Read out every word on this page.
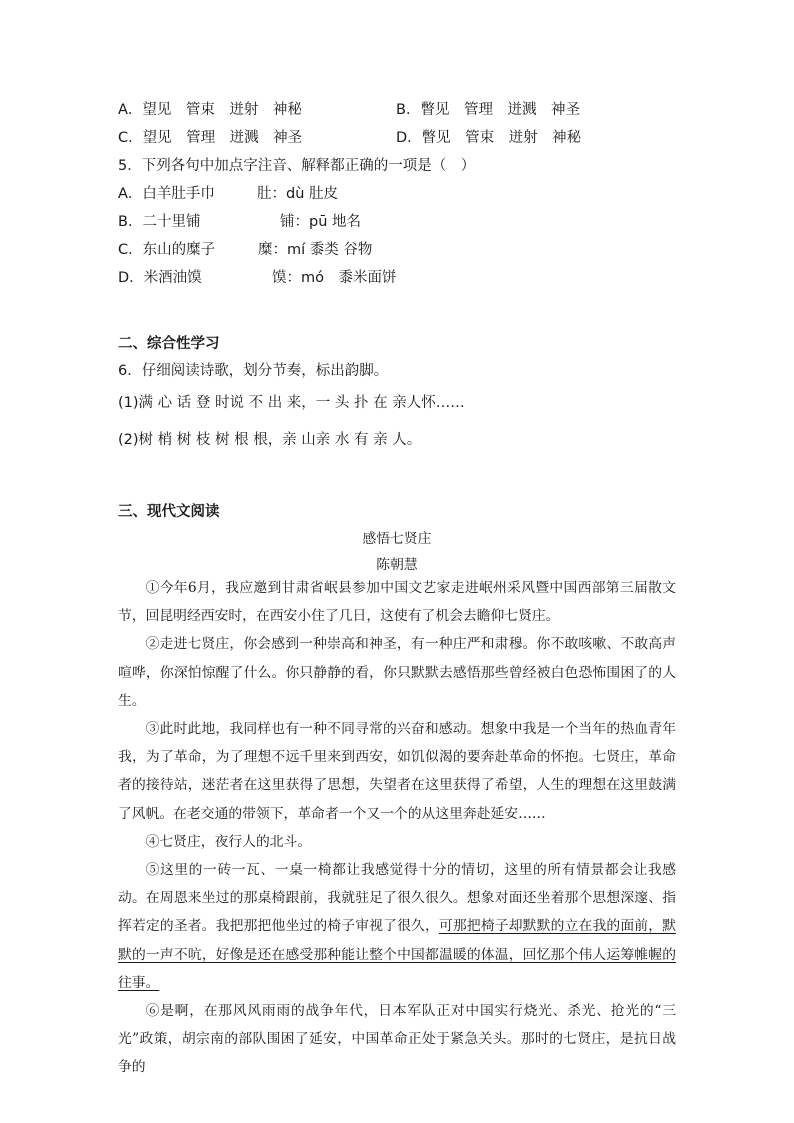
A．望见　管束　迸射　神秘	B．瞥见　管理　迸溅　神圣
C．望见　管理　迸溅　神圣	D．瞥见　管束　迸射　神秘
5．下列各句中加点字注音、解释都正确的一项是（　）
A．白羊肚手巾	肚：dù 肚皮
B．二十里铺	铺：pū 地名
C．东山的糜子	糜：mí 黍类 谷物
D．米酒油馍	馍：mó　黍米面饼
二、综合性学习
6．仔细阅读诗歌，划分节奏，标出韵脚。
(1)满 心 话 登 时说 不 出 来，一 头 扑 在 亲人怀……
(2)树 梢 树 枝 树 根 根，亲 山亲 水 有 亲 人。
三、现代文阅读
感悟七贤庄
陈朝慧

①今年6月，我应邀到甘肃省岷县参加中国文艺家走进岷州采风暨中国西部第三届散文节，回昆明经西安时，在西安小住了几日，这使有了机会去瞻仰七贤庄。

②走进七贤庄，你会感到一种崇高和神圣，有一种庄严和肃穆。你不敢咳嗽、不敢高声喧哗，你深怕惊醒了什么。你只静静的看，你只默默去感悟那些曾经被白色恐怖围困了的人生。

③此时此地，我同样也有一种不同寻常的兴奋和感动。想象中我是一个当年的热血青年我，为了革命，为了理想不远千里来到西安，如饥似渴的要奔赴革命的怀抱。七贤庄，革命者的接待站，迷茫者在这里获得了思想，失望者在这里获得了希望，人生的理想在这里鼓满了风帆。在老交通的带领下，革命者一个又一个的从这里奔赴延安……

④七贤庄，夜行人的北斗。

⑤这里的一砖一瓦、一桌一椅都让我感觉得十分的情切，这里的所有情景都会让我感动。在周恩来坐过的那桌椅跟前，我就驻足了很久很久。想象对面还坐着那个思想深邃、指挥若定的圣者。我把那把他坐过的椅子审视了很久，可那把椅子却默默的立在我的面前，默默的一声不吭，好像是还在感受那种能让整个中国都温暖的体温，回忆那个伟人运筹帷幄的往事。

⑥是啊，在那风风雨雨的战争年代，日本军队正对中国实行烧光、杀光、抢光的“三光”政策，胡宗南的部队围困了延安，中国革命正处于紧急关头。那时的七贤庄，是抗日战争的
